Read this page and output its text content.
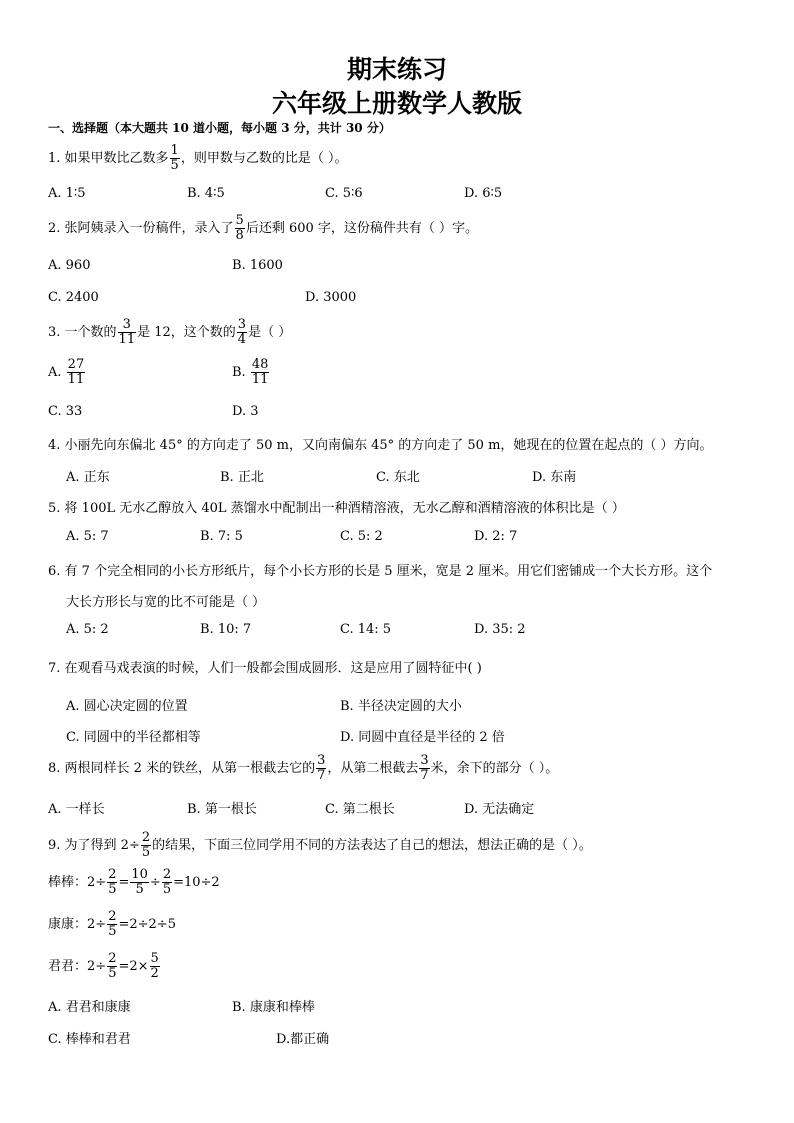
期末练习
六年级上册数学人教版
一、选择题（本大题共 10 道小题，每小题 3 分，共计 30 分）
1. 如果甲数比乙数多 $\frac{1}{5}$ ，则甲数与乙数的比是（ ）。
A. 1∶5	B. 4∶5	C. 5∶6	D. 6∶5
2. 张阿姨录入一份稿件，录入了 $\frac{5}{8}$ 后还剩 600 字，这份稿件共有（ ）字。
A. 960	B. 1600
C. 2400	D. 3000
3. 一个数的 $\frac{3}{11}$ 是 12，这个数的 $\frac{3}{4}$ 是（ ）
A. $\frac{27}{11}$	B. $\frac{48}{11}$
C. 33	D. 3
4. 小丽先向东偏北 45° 的方向走了 50 m，又向南偏东 45° 的方向走了 50 m，她现在的位置在起点的（ ）方向。
A. 正东	B. 正北	C. 东北	D. 东南
5. 将 100L 无水乙醇放入 40L 蒸馏水中配制出一种酒精溶液，无水乙醇和酒精溶液的体积比是（ ）
A. 5: 7	B. 7: 5	C. 5: 2	D. 2: 7
6. 有 7 个完全相同的小长方形纸片，每个小长方形的长是 5 厘米，宽是 2 厘米。用它们密铺成一个大长方形。这个
大长方形长与宽的比不可能是（ ）
A. 5: 2	B. 10: 7	C. 14: 5	D. 35: 2
7. 在观看马戏表演的时候，人们一般都会围成圆形．这是应用了圆特征中( )
A. 圆心决定圆的位置	B. 半径决定圆的大小
C. 同圆中的半径都相等	D. 同圆中直径是半径的 2 倍
8. 两根同样长 2 米的铁丝，从第一根截去它的 $\frac{3}{7}$ ，从第二根截去 $\frac{3}{7}$ 米，余下的部分（ ）。
A. 一样长	B. 第一根长	C. 第二根长	D. 无法确定
9. 为了得到 $2\div \frac{2}{5}$ 的结果，下面三位同学用不同的方法表达了自己的想法，想法正确的是（ ）。
棒棒：$2\div \frac{2}{5} = \frac{10}{5} \div \frac{2}{5} =10\div 2$
康康：$2\div \frac{2}{5} =2\div 2\div 5$
君君：$2\div \frac{2}{5} =2\times \frac{5}{2}$
A. 君君和康康	B. 康康和棒棒
C. 棒棒和君君	D.都正确
